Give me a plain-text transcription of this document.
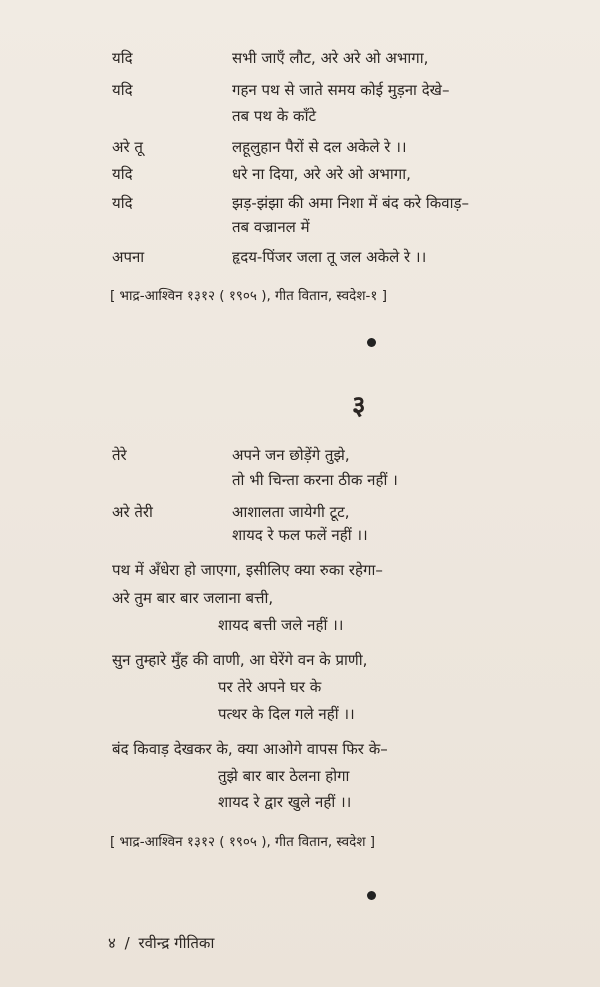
यदि	सभी जाएँ लौट, अरे अरे ओ अभागा,
यदि	गहन पथ से जाते समय कोई मुड़ना देखे–
तब पथ के काँटे
अरे तू	लहूलुहान पैरों से दल अकेले रे ।।
यदि	धरे ना दिया, अरे अरे ओ अभागा,
यदि	झड़-झंझा की अमा निशा में बंद करे किवाड़–
तब वज्रानल में
अपना	हृदय-पिंजर जला तू जल अकेले रे ।।
[ भाद्र-आश्विन १३१२ ( १९०५ ), गीत वितान, स्वदेश-१ ]
३
तेरे	अपने जन छोड़ेंगे तुझे,
तो भी चिन्ता करना ठीक नहीं ।
अरे तेरी	आशालता जायेगी टूट,
शायद रे फल फलें नहीं ।।
पथ में अँधेरा हो जाएगा, इसीलिए क्या रुका रहेगा–
अरे तुम बार बार जलाना बत्ती,
शायद बत्ती जले नहीं ।।
सुन तुम्हारे मुँह की वाणी, आ घेरेंगे वन के प्राणी,
पर तेरे अपने घर के
पत्थर के दिल गले नहीं ।।
बंद किवाड़ देखकर के, क्या आओगे वापस फिर के–
तुझे बार बार ठेलना होगा
शायद रे द्वार खुले नहीं ।।
[ भाद्र-आश्विन १३१२ ( १९०५ ), गीत वितान, स्वदेश ]
४ / रवीन्द्र गीतिका
